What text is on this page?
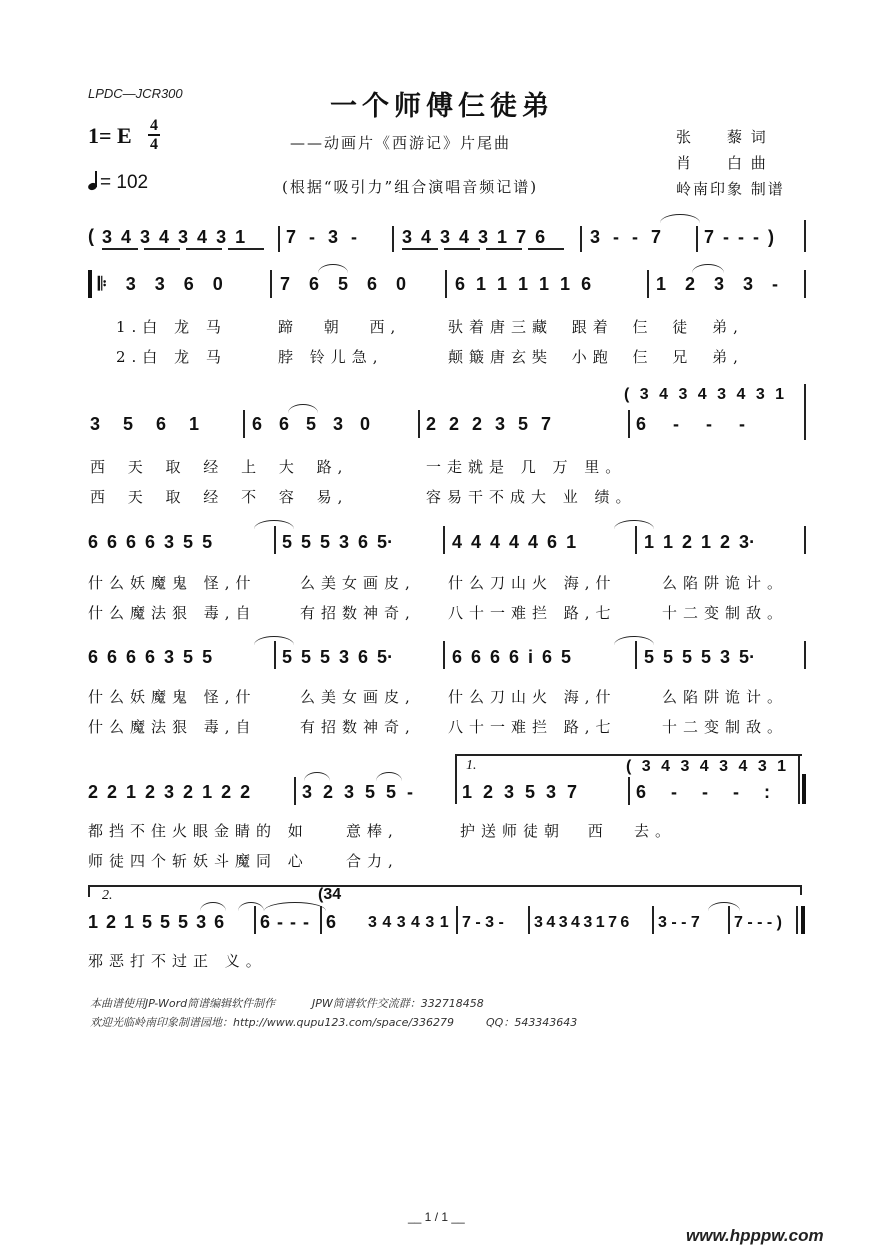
LPDC—JCR300	一个师傅仨徒弟
1= E 4
4
= 102
——动画片《西游记》片尾曲
(根据“吸引力”组合演唱音频记谱)
张　　藜 词
肖　　白 曲
岭南印象 制谱
( 3 4 3 4 3 4 3 1 7 - 3 - 3 4 3 4 3 1 7 6 3 - - 7 7 - - - )
𝄆 3 3 6 0	7 6 5 6 0	6 1 1 1 1 1 6	1 2 3 3 -
1.白 龙 马	蹄 朝 西,	驮着唐三藏 跟着 仨 徒 弟,
2.白 龙 马	脖 铃儿急,	颠簸唐玄奘 小跑 仨 兄 弟,
( 3 4 3 4 3 4 3 1
3 5 6 1	6 6 5 3 0	2 2 2 3 5 7	6 - - -
西 天 取 经 上 大 路,	一走就是 几 万 里。
西 天 取 经 不 容 易,	容易干不成大 业 绩。
6 6 6 6 3 5 5	5 5 5 3 6 5·	4 4 4 4 4 6 1	1 1 2 1 2 3·
什么妖魔鬼 怪,什	么美女画皮, 什么刀山火 海,什	么陷阱诡计。
什么魔法狠 毒,自	有招数神奇, 八十一难拦 路,七	十二变制敌。
6 6 6 6 3 5 5	5 5 5 3 6 5·	6 6 6 6 i 6 5	5 5 5 5 3 5·
什么妖魔鬼 怪,什	么美女画皮, 什么刀山火 海,什	么陷阱诡计。
什么魔法狠 毒,自	有招数神奇, 八十一难拦 路,七	十二变制敌。
1.	( 3 4 3 4 3 4 3 1
2 2 1 2 3 2 1 2 2	3 2 3 5 5 -	1 2 3 5 3 7	6 - - - :
都挡不住火眼金睛的 如 意棒,	护送师徒朝 西 去。
师徒四个斩妖斗魔同 心 合力,
2.	(34
1 2 1 5 5 5 3 6 6 - - - 6 3 4 3 4 3 1 7 - 3 - 3 4 3 4 3 1 7 6 3 - - 7 7 - - - )
邪恶打不过正 义。
本曲谱使用JP-Word简谱编辑软件制作	JPW简谱软件交流群：332718458
欢迎光临岭南印象制谱园地：http://www.qupu123.com/space/336279	QQ：543343643
__ 1 / 1 __
www.hpppw.com
